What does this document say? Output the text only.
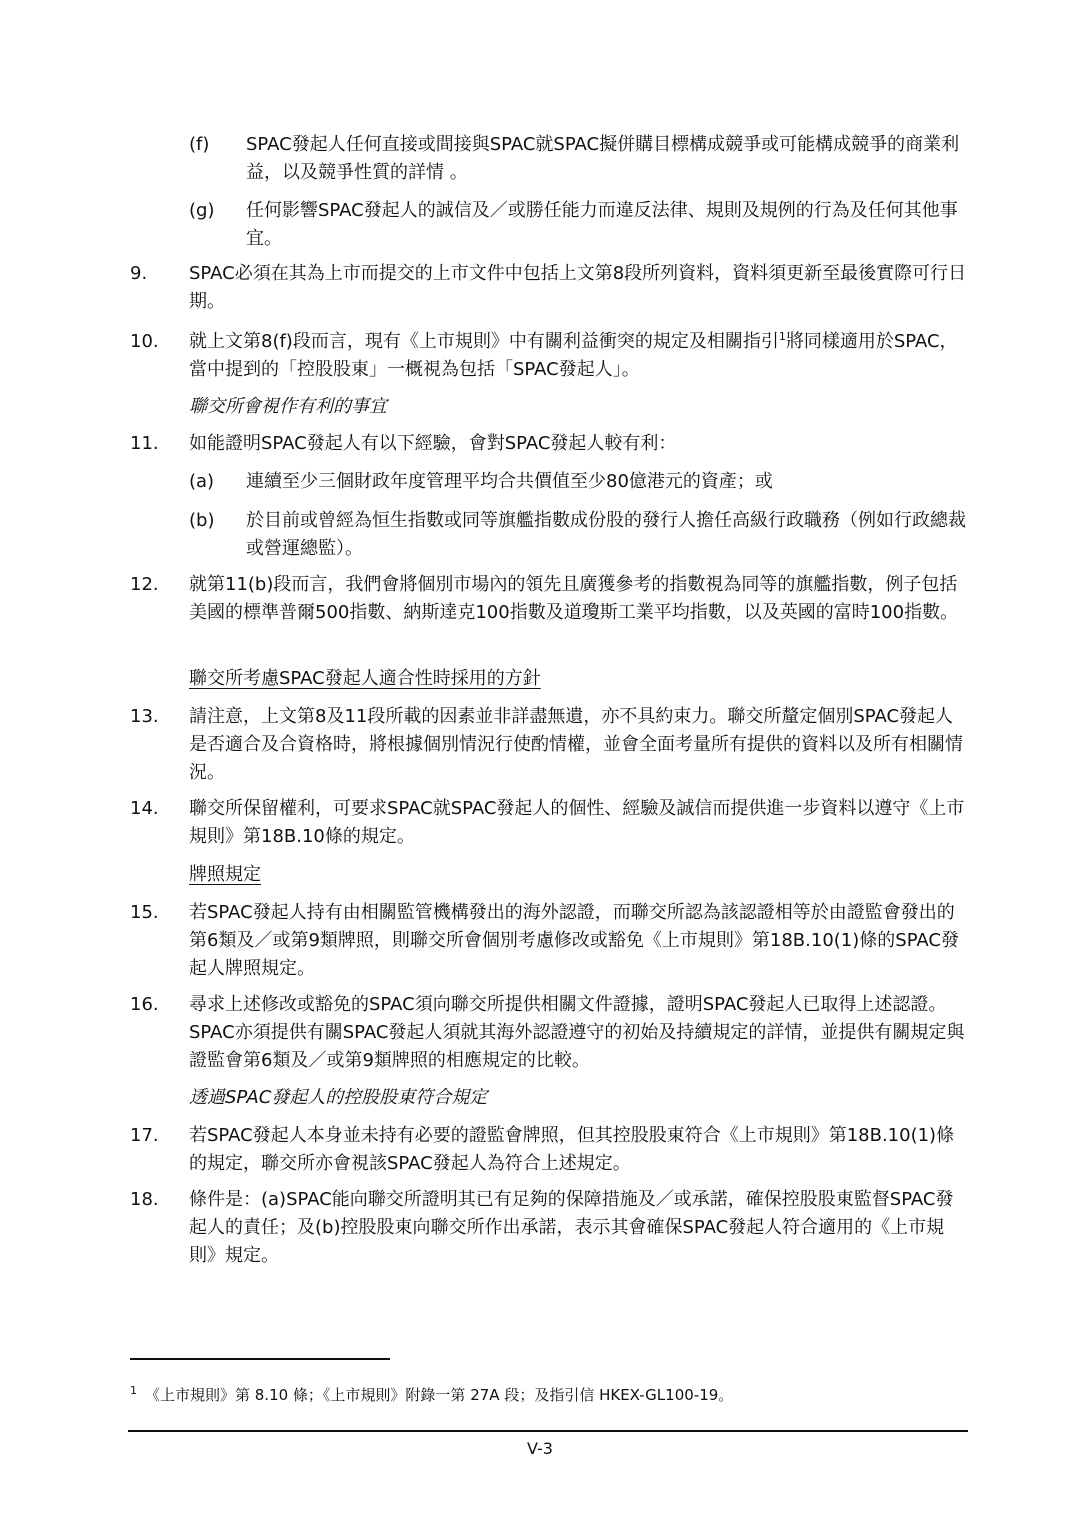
(f)	SPAC發起人任何直接或間接與SPAC就SPAC擬併購目標構成競爭或可能構成競爭的商業利益，以及競爭性質的詳情 。
(g)	任何影響SPAC發起人的誠信及／或勝任能力而違反法律、規則及規例的行為及任何其他事宜。
9.	SPAC必須在其為上市而提交的上市文件中包括上文第8段所列資料，資料須更新至最後實際可行日期。
10.	就上文第8(f)段而言，現有《上市規則》中有關利益衝突的規定及相關指引$^1$將同樣適用於SPAC，當中提到的「控股股東」一概視為包括「SPAC發起人」。
聯交所會視作有利的事宜
11.	如能證明SPAC發起人有以下經驗，會對SPAC發起人較有利：
(a)	連續至少三個財政年度管理平均合共價值至少80億港元的資產；或
(b)	於目前或曾經為恒生指數或同等旗艦指數成份股的發行人擔任高級行政職務（例如行政總裁或營運總監）。
12.	就第11(b)段而言，我們會將個別市場內的領先且廣獲參考的指數視為同等的旗艦指數，例子包括美國的標準普爾500指數、納斯達克100指數及道瓊斯工業平均指數，以及英國的富時100指數。
聯交所考慮SPAC發起人適合性時採用的方針
13.	請注意，上文第8及11段所載的因素並非詳盡無遺，亦不具約束力。聯交所釐定個別SPAC發起人是否適合及合資格時，將根據個別情況行使酌情權，並會全面考量所有提供的資料以及所有相關情況。
14.	聯交所保留權利，可要求SPAC就SPAC發起人的個性、經驗及誠信而提供進一步資料以遵守《上市規則》第18B.10條的規定。
牌照規定
15.	若SPAC發起人持有由相關監管機構發出的海外認證，而聯交所認為該認證相等於由證監會發出的第6類及／或第9類牌照，則聯交所會個別考慮修改或豁免《上市規則》第18B.10(1)條的SPAC發起人牌照規定。
16.	尋求上述修改或豁免的SPAC須向聯交所提供相關文件證據，證明SPAC發起人已取得上述認證。SPAC亦須提供有關SPAC發起人須就其海外認證遵守的初始及持續規定的詳情，並提供有關規定與證監會第6類及／或第9類牌照的相應規定的比較。
透過SPAC發起人的控股股東符合規定
17.	若SPAC發起人本身並未持有必要的證監會牌照，但其控股股東符合《上市規則》第18B.10(1)條的規定，聯交所亦會視該SPAC發起人為符合上述規定。
18.	條件是：(a)SPAC能向聯交所證明其已有足夠的保障措施及／或承諾，確保控股股東監督SPAC發起人的責任；及(b)控股股東向聯交所作出承諾，表示其會確保SPAC發起人符合適用的《上市規則》規定。
$^1$ 《上市規則》第 8.10 條；《上市規則》附錄一第 27A 段；及指引信 HKEX-GL100-19。
V-3
